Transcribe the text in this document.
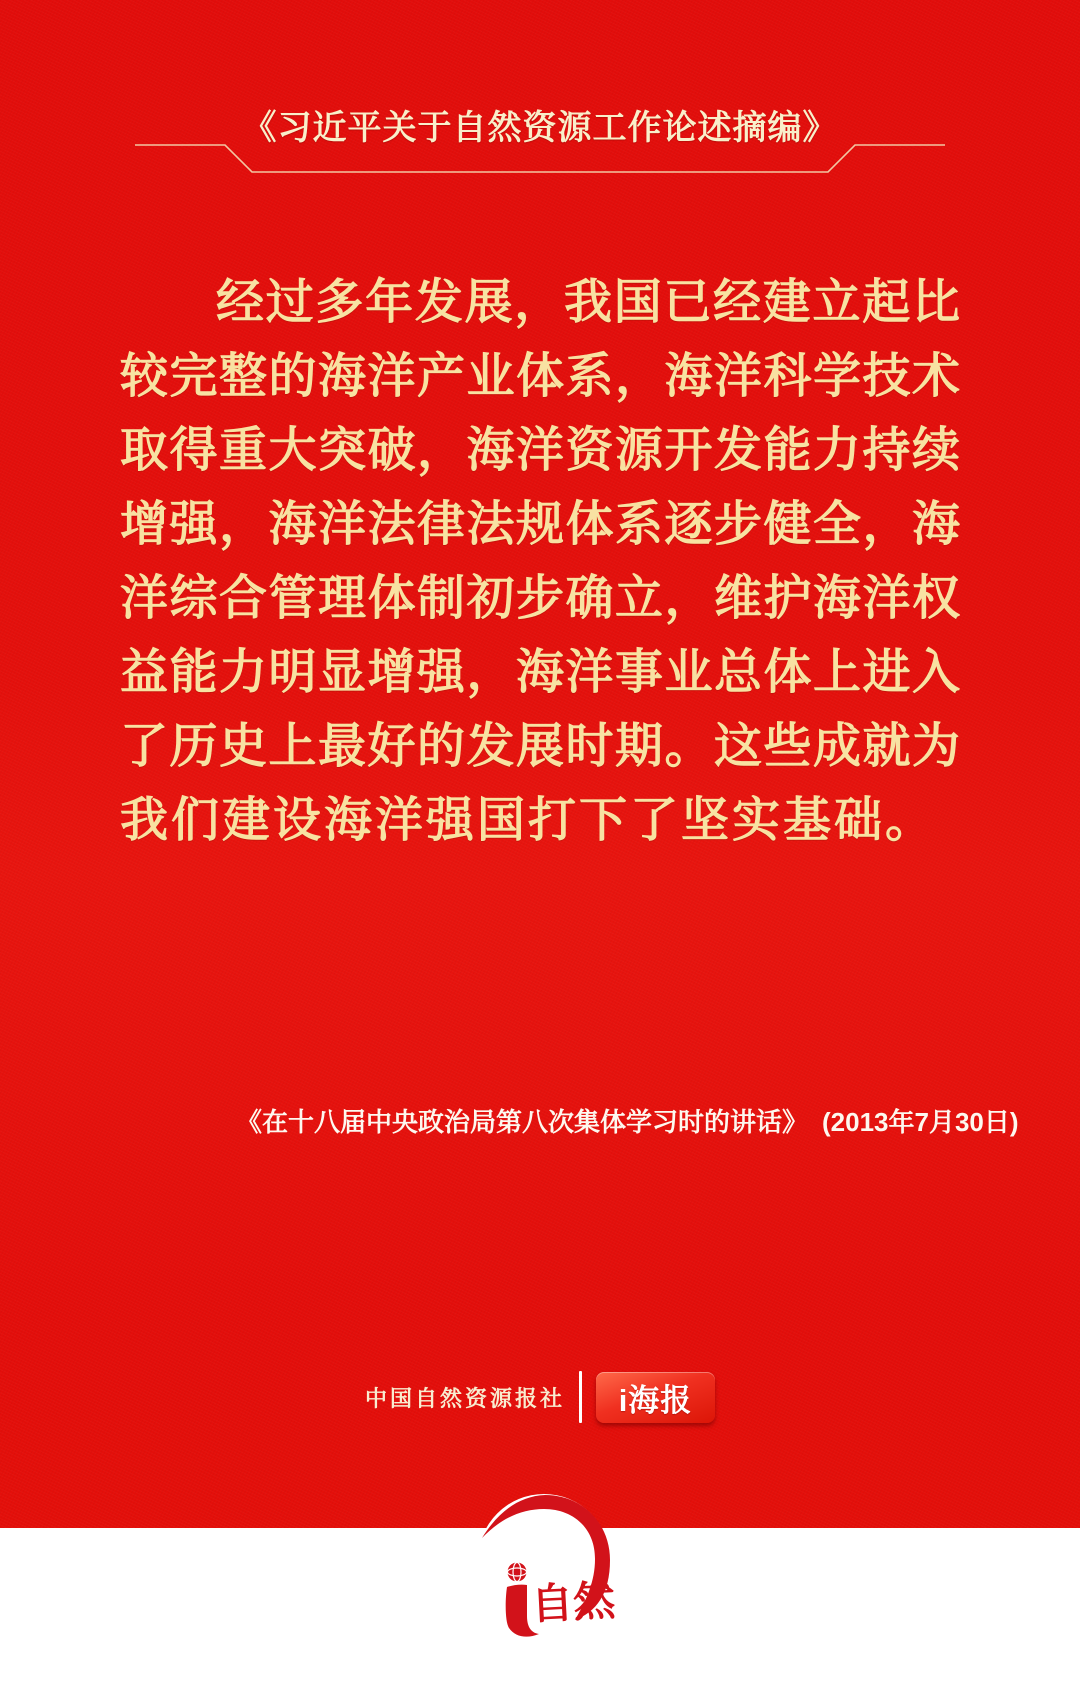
《习近平关于自然资源工作论述摘编》
经过多年发展，我国已经建立起比
较完整的海洋产业体系，海洋科学技术
取得重大突破，海洋资源开发能力持续
增强，海洋法律法规体系逐步健全，海
洋综合管理体制初步确立，维护海洋权
益能力明显增强，海洋事业总体上进入
了历史上最好的发展时期。这些成就为
我们建设海洋强国打下了坚实基础。
《在十八届中央政治局第八次集体学习时的讲话》 (2013年7月30日)
中国自然资源报社 i海报
自然
